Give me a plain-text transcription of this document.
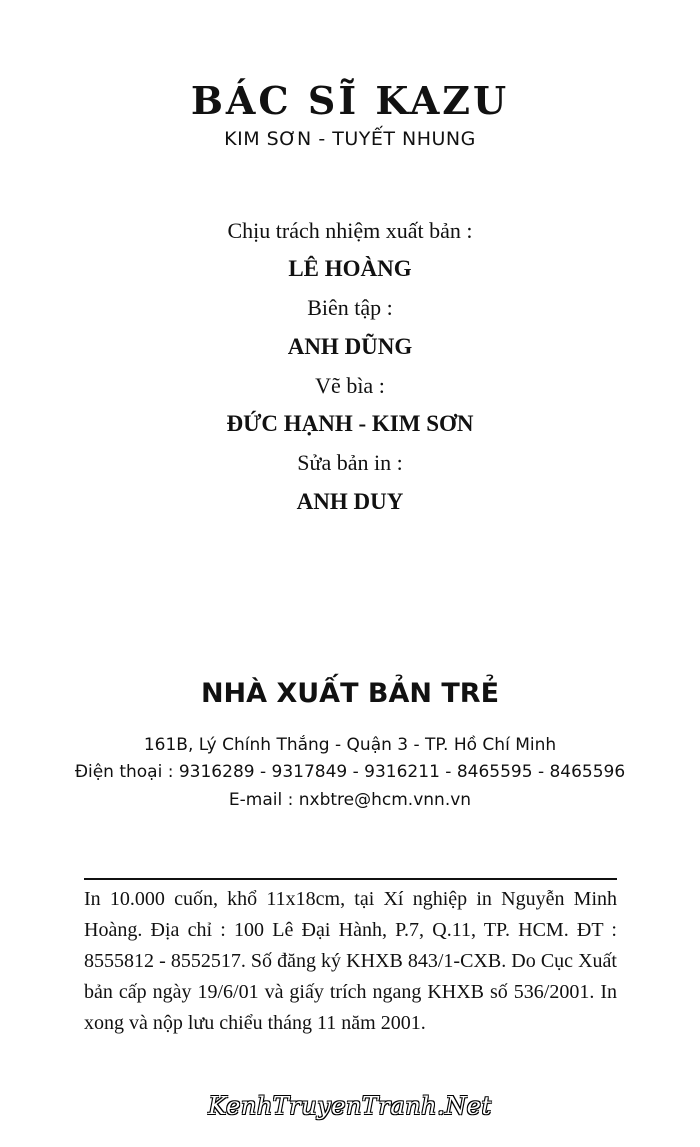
BÁC SĨ KAZU
KIM SƠN - TUYẾT NHUNG
Chịu trách nhiệm xuất bản :
LÊ HOÀNG
Biên tập :
ANH DŨNG
Vẽ bìa :
ĐỨC HẠNH - KIM SƠN
Sửa bản in :
ANH DUY
NHÀ XUẤT BẢN TRẺ
161B, Lý Chính Thắng - Quận 3 - TP. Hồ Chí Minh
Điện thoại : 9316289 - 9317849 - 9316211 - 8465595 - 8465596
E-mail : nxbtre@hcm.vnn.vn
In 10.000 cuốn, khổ 11x18cm, tại Xí nghiệp in Nguyễn Minh Hoàng. Địa chỉ : 100 Lê Đại Hành, P.7, Q.11, TP. HCM. ĐT : 8555812 - 8552517. Số đăng ký KHXB 843/1-CXB. Do Cục Xuất bản cấp ngày 19/6/01 và giấy trích ngang KHXB số 536/2001. In xong và nộp lưu chiểu tháng 11 năm 2001.
KenhTruyenTranh.Net
